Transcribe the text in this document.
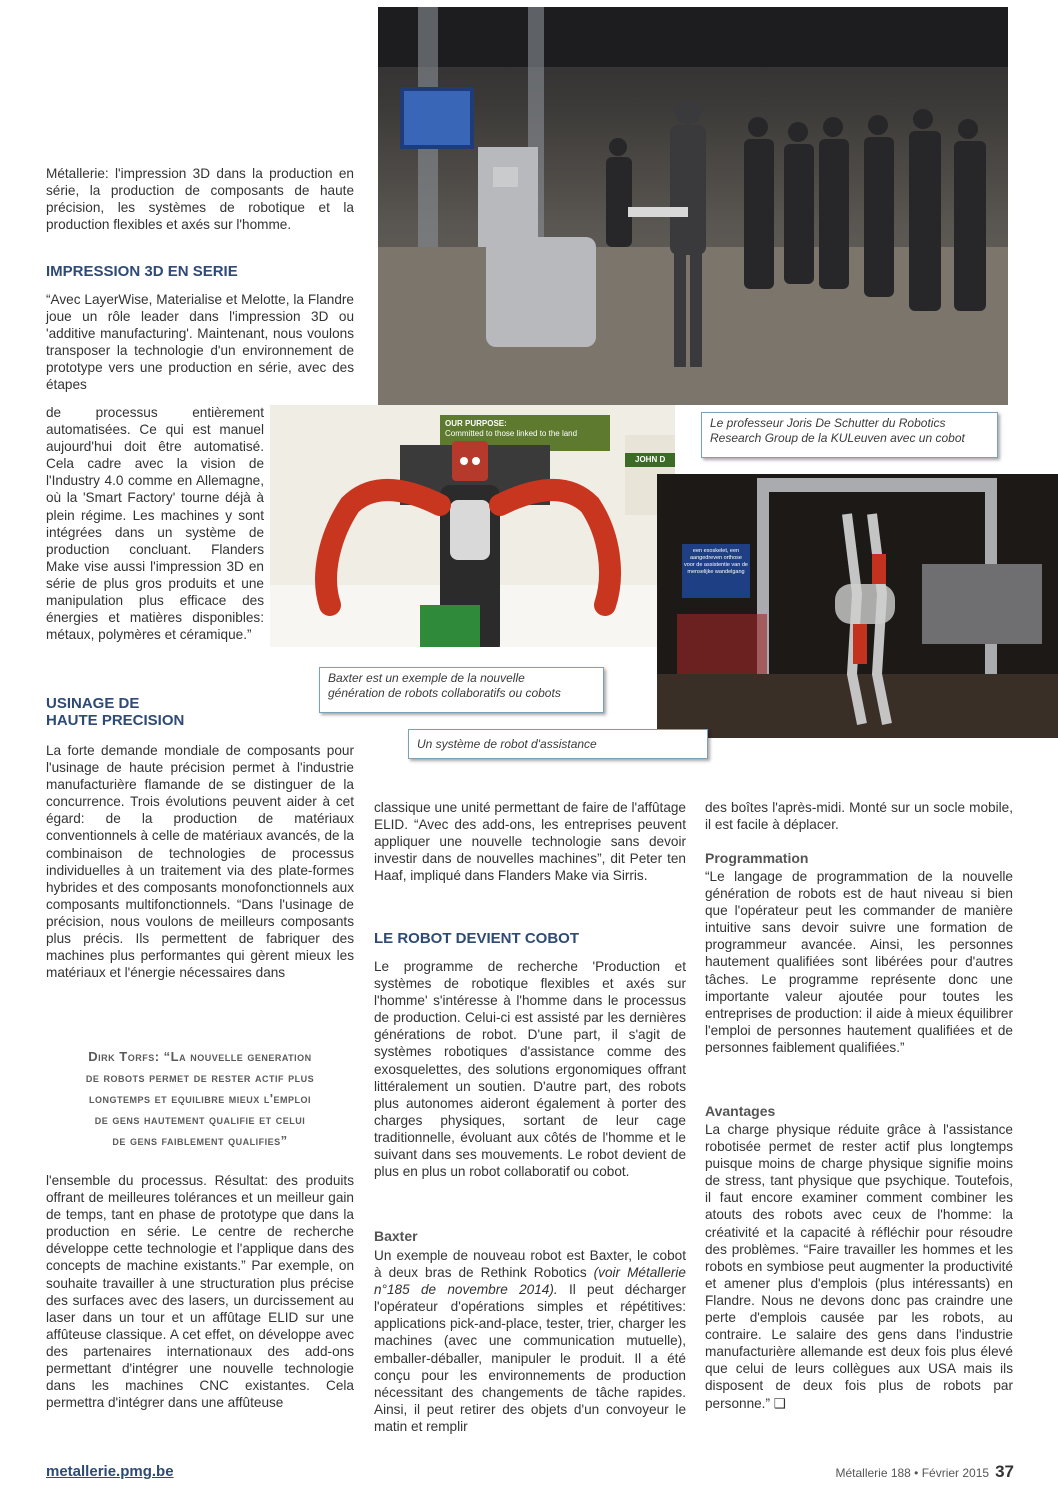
Métallerie: l'impression 3D dans la production en série, la production de composants de haute précision, les systèmes de robotique et la production flexibles et axés sur l'homme.

IMPRESSION 3D EN SERIE

“Avec LayerWise, Materialise et Melotte, la Flandre joue un rôle leader dans l'impression 3D ou 'additive manufacturing'. Maintenant, nous voulons transposer la technologie d'un environnement de prototype vers une production en série, avec des étapes

de processus entièrement automatisées. Ce qui est manuel aujourd'hui doit être automatisé. Cela cadre avec la vision de l'Industry 4.0 comme en Allemagne, où la 'Smart Factory' tourne déjà à plein régime. Les machines y sont intégrées dans un système de production concluant. Flanders Make vise aussi l'impression 3D en série de plus gros produits et une manipulation plus efficace des énergies et matières disponibles: métaux, polymères et céramique.”

USINAGE DE
HAUTE PRECISION

La forte demande mondiale de composants pour l'usinage de haute précision permet à l'industrie manufacturière flamande de se distinguer de la concurrence. Trois évolutions peuvent aider à cet égard: de la production de matériaux conventionnels à celle de matériaux avancés, de la combinaison de technologies de processus individuelles à un traitement via des plate-formes hybrides et des composants monofonctionnels aux composants multifonctionnels. “Dans l'usinage de précision, nous voulons de meilleurs composants plus précis. Ils permettent de fabriquer des machines plus performantes qui gèrent mieux les matériaux et l'énergie nécessaires dans

Dirk Torfs: “La nouvelle generation
de robots permet de rester actif plus
longtemps et equilibre mieux l'emploi
de gens hautement qualifie et celui
de gens faiblement qualifies”

l'ensemble du processus. Résultat: des produits offrant de meilleures tolérances et un meilleur gain de temps, tant en phase de prototype que dans la production en série. Le centre de recherche développe cette technologie et l'applique dans des concepts de machine existants.” Par exemple, on souhaite travailler à une structuration plus précise des surfaces avec des lasers, un durcissement au laser dans un tour et un affûtage ELID sur une affûteuse classique. A cet effet, on développe avec des partenaires internationaux des add-ons permettant d'intégrer une nouvelle technologie dans les machines CNC existantes. Cela permettra d'intégrer dans une affûteuse

OUR PURPOSE:
Committed to those linked to the land
JOHN D
een exoskelet, een aangedreven orthose voor de assistentie van de menselijke wandelgang
Le professeur Joris De Schutter du Robotics
Research Group de la KULeuven avec un cobot
Baxter est un exemple de la nouvelle
génération de robots collaboratifs ou cobots
Un système de robot d'assistance

classique une unité permettant de faire de l'affûtage ELID. “Avec des add-ons, les entreprises peuvent appliquer une nouvelle technologie sans devoir investir dans de nouvelles machines”, dit Peter ten Haaf, impliqué dans Flanders Make via Sirris.

LE ROBOT DEVIENT COBOT

Le programme de recherche 'Production et systèmes de robotique flexibles et axés sur l'homme' s'intéresse à l'homme dans le processus de production. Celui-ci est assisté par les dernières générations de robot. D'une part, il s'agit de systèmes robotiques d'assistance comme des exosquelettes, des solutions ergonomiques offrant littéralement un soutien. D'autre part, des robots plus autonomes aideront également à porter des charges physiques, sortant de leur cage traditionnelle, évoluant aux côtés de l'homme et le suivant dans ses mouvements. Le robot devient de plus en plus un robot collaboratif ou cobot.

Baxter

Un exemple de nouveau robot est Baxter, le cobot à deux bras de Rethink Robotics (voir Métallerie n°185 de novembre 2014). Il peut décharger l'opérateur d'opérations simples et répétitives: applications pick-and-place, tester, trier, charger les machines (avec une communication mutuelle), emballer-déballer, manipuler le produit. Il a été conçu pour les environnements de production nécessitant des changements de tâche rapides. Ainsi, il peut retirer des objets d'un convoyeur le matin et remplir

des boîtes l'après-midi. Monté sur un socle mobile, il est facile à déplacer.

Programmation

“Le langage de programmation de la nouvelle génération de robots est de haut niveau si bien que l'opérateur peut les commander de manière intuitive sans devoir suivre une formation de programmeur avancée. Ainsi, les personnes hautement qualifiées sont libérées pour d'autres tâches. Le programme représente donc une importante valeur ajoutée pour toutes les entreprises de production: il aide à mieux équilibrer l'emploi de personnes hautement qualifiées et de personnes faiblement qualifiées.”

Avantages

La charge physique réduite grâce à l'assistance robotisée permet de rester actif plus longtemps puisque moins de charge physique signifie moins de stress, tant physique que psychique. Toutefois, il faut encore examiner comment combiner les atouts des robots avec ceux de l'homme: la créativité et la capacité à réfléchir pour résoudre des problèmes. “Faire travailler les hommes et les robots en symbiose peut augmenter la productivité et amener plus d'emplois (plus intéressants) en Flandre. Nous ne devons donc pas craindre une perte d'emplois causée par les robots, au contraire. Le salaire des gens dans l'industrie manufacturière allemande est deux fois plus élevé que celui de leurs collègues aux USA mais ils disposent de deux fois plus de robots par personne.” ❑

metallerie.pmg.be	Métallerie 188 • Février 2015 37
